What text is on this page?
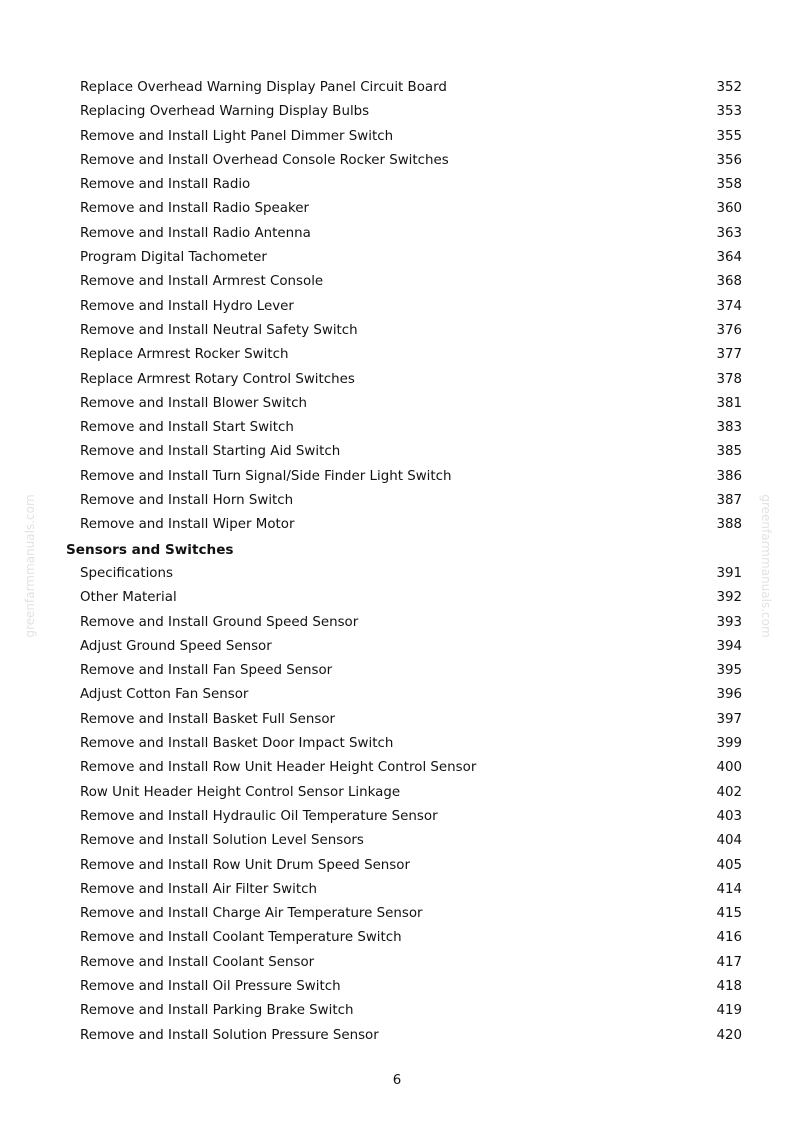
greenfarmmanuals.com	greenfarmmanuals.com
Replace Overhead Warning Display Panel Circuit Board	352
Replacing Overhead Warning Display Bulbs	353
Remove and Install Light Panel Dimmer Switch	355
Remove and Install Overhead Console Rocker Switches	356
Remove and Install Radio	358
Remove and Install Radio Speaker	360
Remove and Install Radio Antenna	363
Program Digital Tachometer	364
Remove and Install Armrest Console	368
Remove and Install Hydro Lever	374
Remove and Install Neutral Safety Switch	376
Replace Armrest Rocker Switch	377
Replace Armrest Rotary Control Switches	378
Remove and Install Blower Switch	381
Remove and Install Start Switch	383
Remove and Install Starting Aid Switch	385
Remove and Install Turn Signal/Side Finder Light Switch	386
Remove and Install Horn Switch	387
Remove and Install Wiper Motor	388
Sensors and Switches
Specifications	391
Other Material	392
Remove and Install Ground Speed Sensor	393
Adjust Ground Speed Sensor	394
Remove and Install Fan Speed Sensor	395
Adjust Cotton Fan Sensor	396
Remove and Install Basket Full Sensor	397
Remove and Install Basket Door Impact Switch	399
Remove and Install Row Unit Header Height Control Sensor	400
Row Unit Header Height Control Sensor Linkage	402
Remove and Install Hydraulic Oil Temperature Sensor	403
Remove and Install Solution Level Sensors	404
Remove and Install Row Unit Drum Speed Sensor	405
Remove and Install Air Filter Switch	414
Remove and Install Charge Air Temperature Sensor	415
Remove and Install Coolant Temperature Switch	416
Remove and Install Coolant Sensor	417
Remove and Install Oil Pressure Switch	418
Remove and Install Parking Brake Switch	419
Remove and Install Solution Pressure Sensor	420
6
